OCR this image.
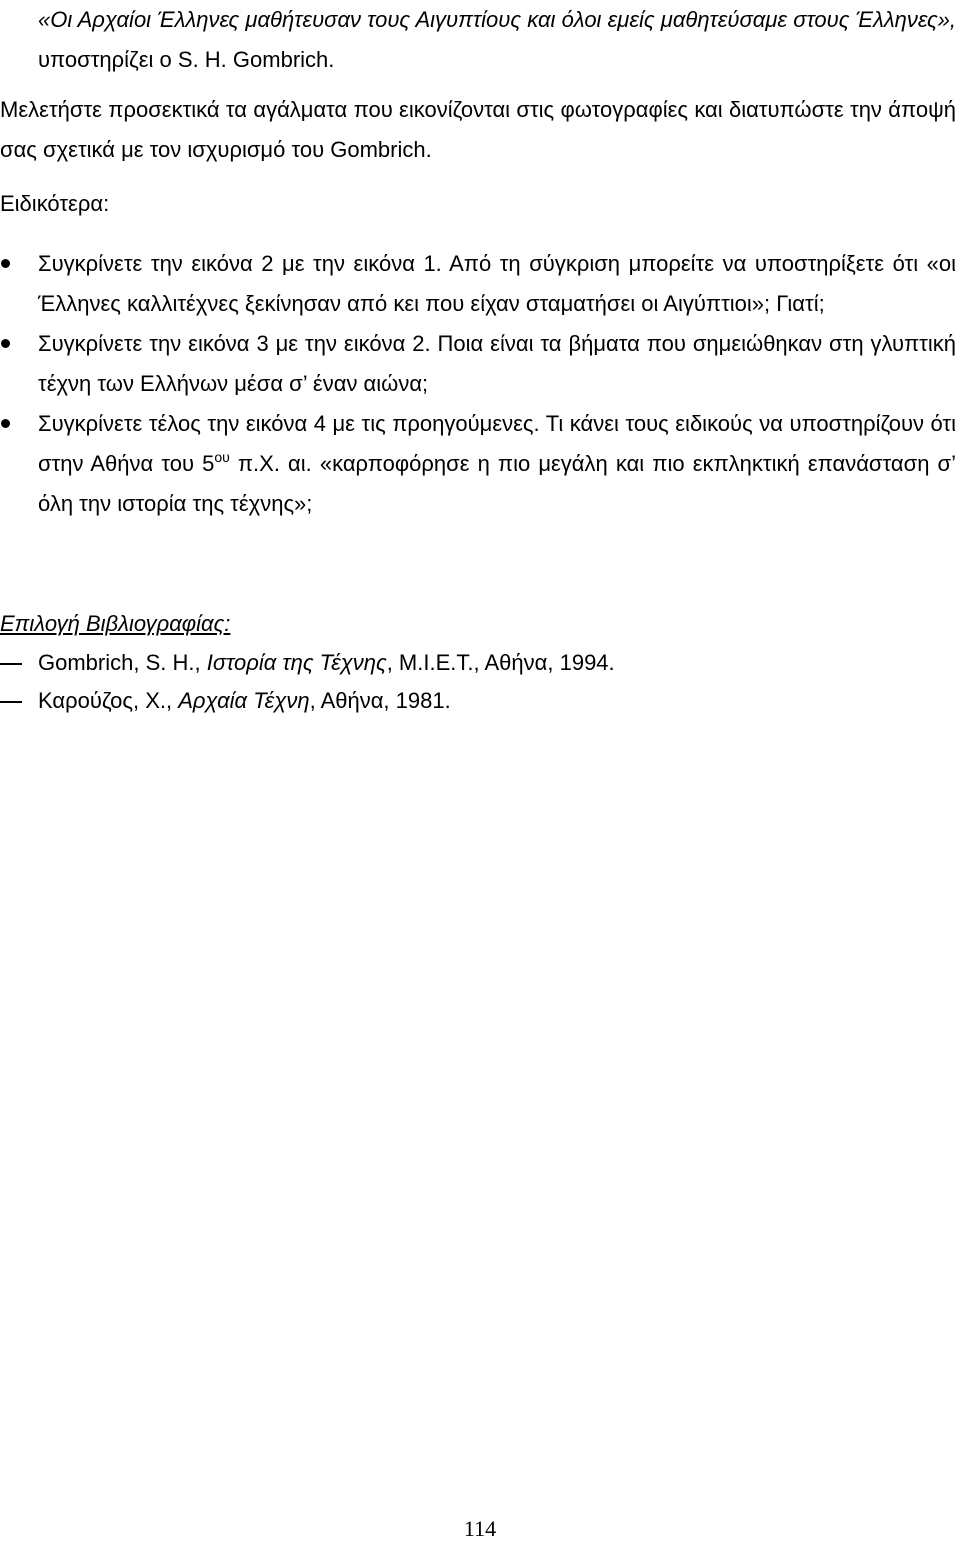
«Οι Αρχαίοι Έλληνες μαθήτευσαν τους Αιγυπτίους και όλοι εμείς μαθητεύσαμε στους Έλληνες», υποστηρίζει ο S. H. Gombrich.

Μελετήστε προσεκτικά τα αγάλματα που εικονίζονται στις φωτογραφίες και διατυπώστε την άποψή σας σχετικά με τον ισχυρισμό του Gombrich.

Ειδικότερα:

Συγκρίνετε την εικόνα 2 με την εικόνα 1. Από τη σύγκριση μπορείτε να υποστηρίξετε ότι «οι Έλληνες καλλιτέχνες ξεκίνησαν από κει που είχαν σταματήσει οι Αιγύπτιοι»; Γιατί;
Συγκρίνετε την εικόνα 3 με την εικόνα 2. Ποια είναι τα βήματα που σημειώθηκαν στη γλυπτική τέχνη των Ελλήνων μέσα σ’ έναν αιώνα;
Συγκρίνετε τέλος την εικόνα 4 με τις προηγούμενες. Τι κάνει τους ειδικούς να υποστηρίζουν ότι στην Αθήνα του $5^{o\upsilon}$ π.Χ. αι. «καρποφόρησε η πιο μεγάλη και πιο εκπληκτική επανάσταση σ’ όλη την ιστορία της τέχνης»;

Επιλογή Βιβλιογραφίας:

Gombrich, S. H., Ιστορία της Τέχνης, Μ.Ι.Ε.Τ., Αθήνα, 1994.
Καρούζος, Χ., Αρχαία Τέχνη, Αθήνα, 1981.
114
